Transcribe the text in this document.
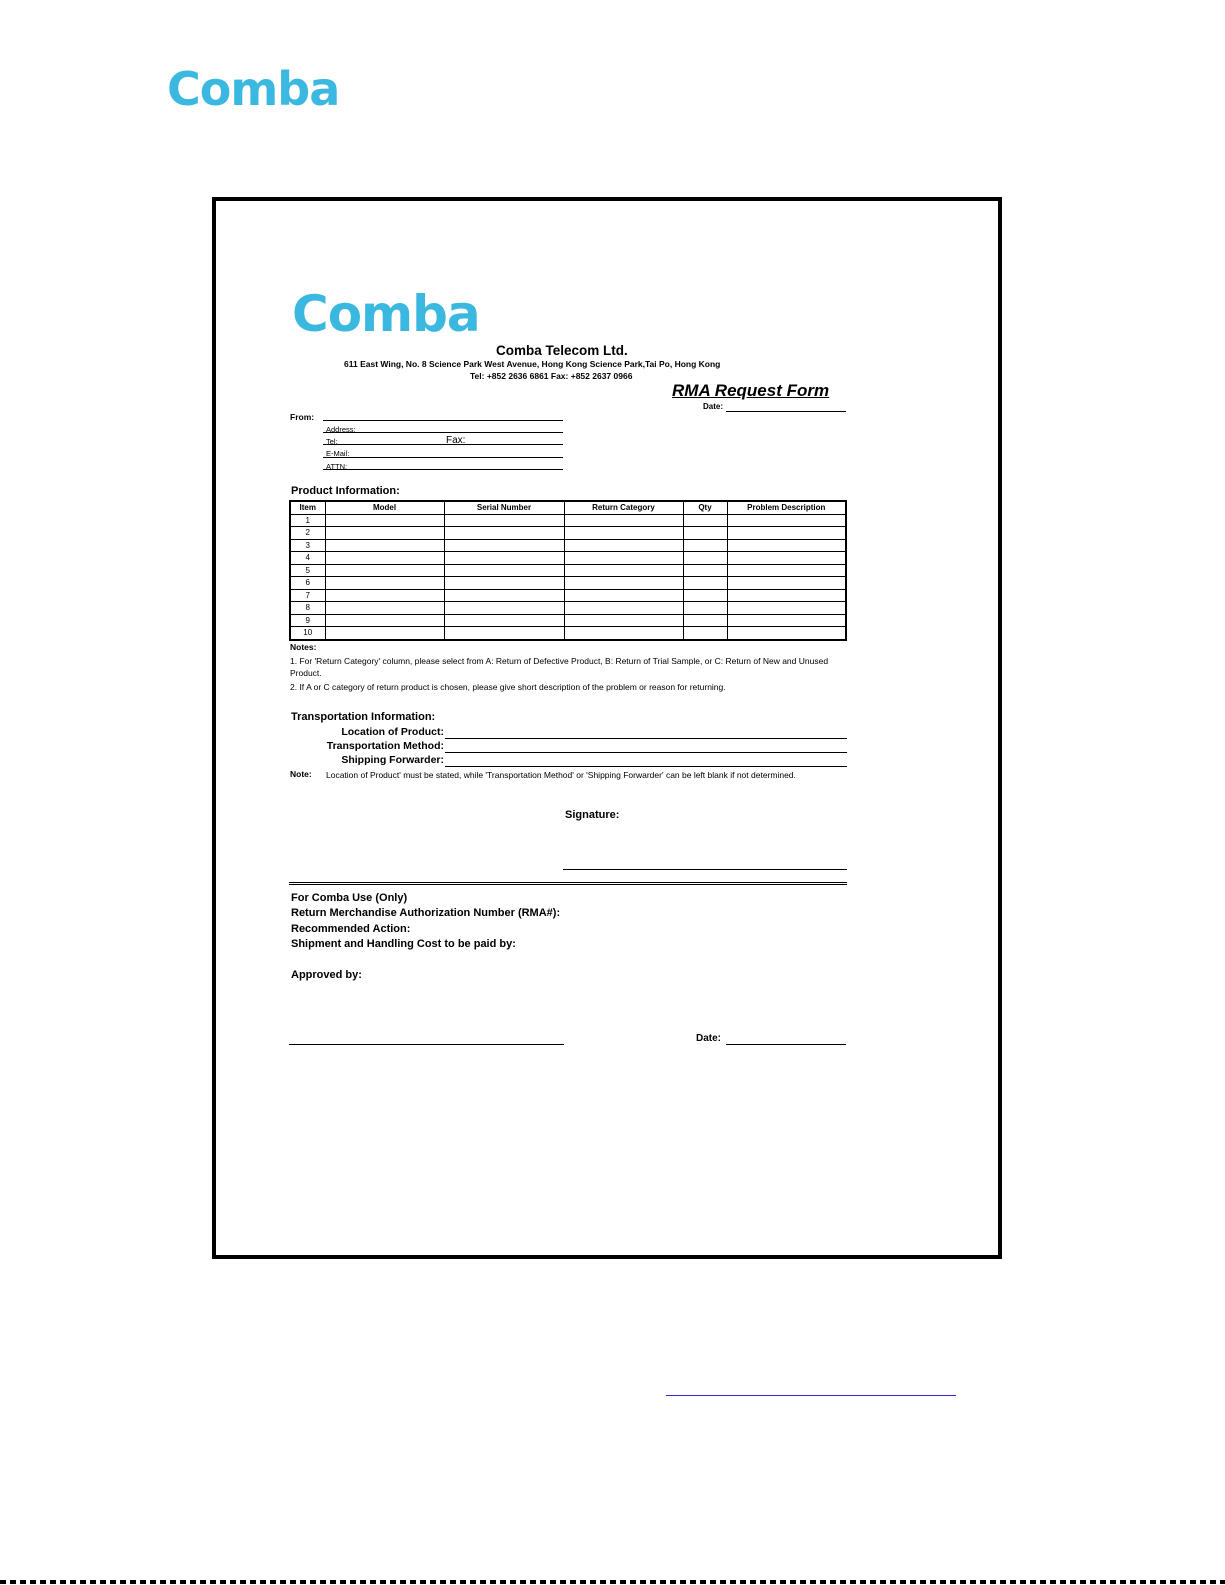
Comba
Comba
Comba Telecom Ltd.
611 East Wing, No. 8 Science Park West Avenue, Hong Kong Science Park,Tai Po, Hong Kong
Tel: +852 2636 6861 Fax: +852 2637 0966
RMA Request Form
Date:
From:
Address:
Tel:	Fax:
E-Mail:
ATTN:
Product Information:
Item	Model	Serial Number	Return Category	Qty	Problem Description
1					
2					
3					
4					
5					
6					
7					
8					
9					
10					
Notes:
1. For 'Return Category' column, please select from A: Return of Defective Product, B: Return of Trial Sample, or C: Return of New and Unused Product.
2. If A or C category of return product is chosen, please give short description of the problem or reason for returning.
Transportation Information:
Location of Product:
Transportation Method:
Shipping Forwarder:
Note: Location of Product' must be stated, while 'Transportation Method' or 'Shipping Forwarder' can be left blank if not determined.
Signature:
For Comba Use (Only)
Return Merchandise Authorization Number (RMA#):
Recommended Action:
Shipment and Handling Cost to be paid by:
Approved by:
Date:
